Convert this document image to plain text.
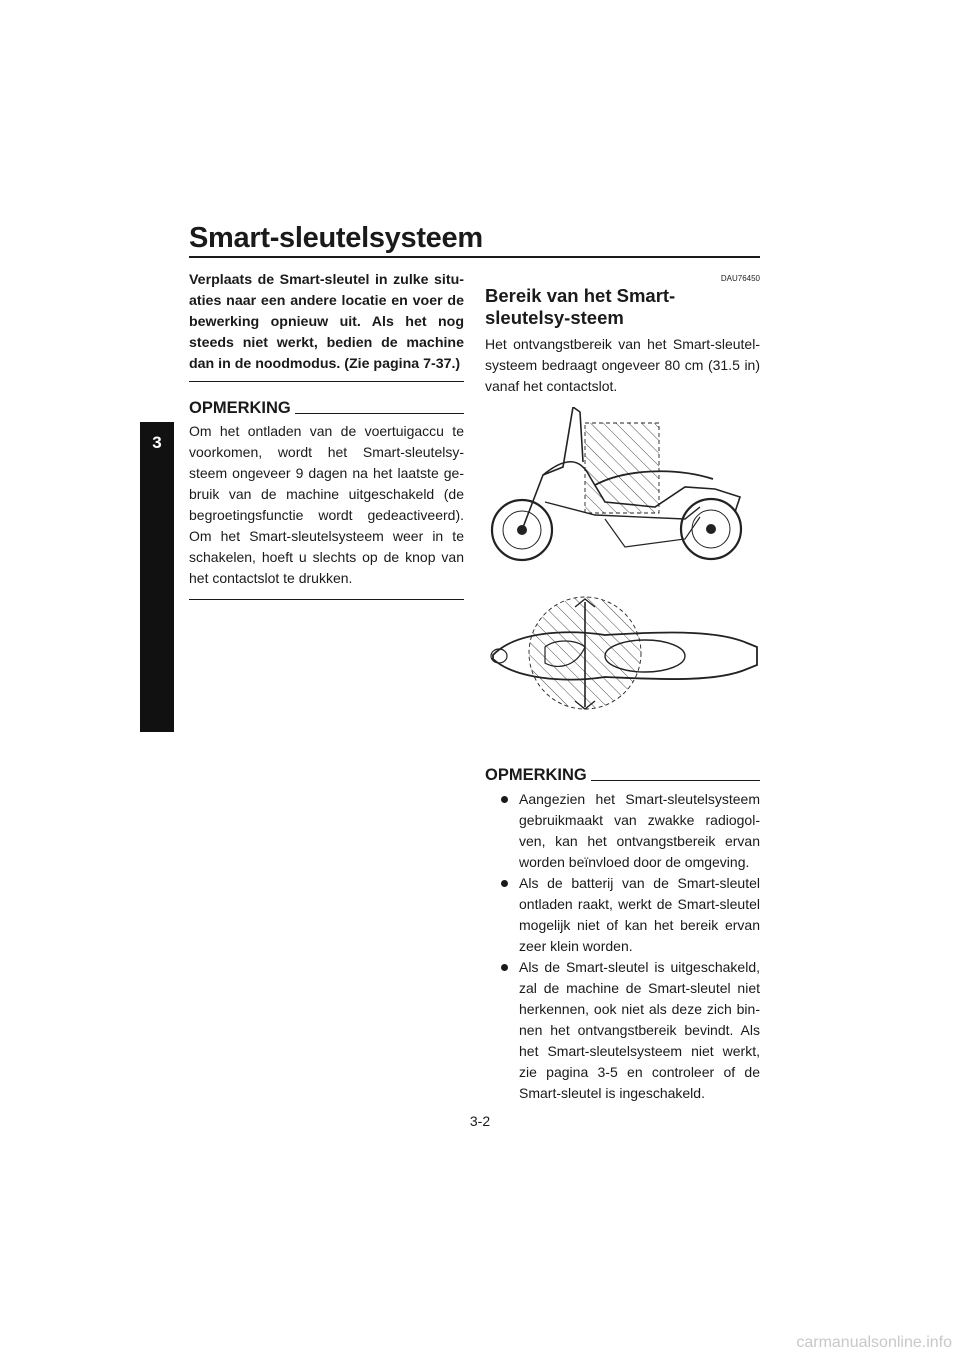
Smart-sleutelsysteem
3

Verplaats de Smart-sleutel in zulke situ-aties naar een andere locatie en voer de bewerking opnieuw uit. Als het nog steeds niet werkt, bedien de machine dan in de noodmodus. (Zie pagina 7-37.)

OPMERKING

Om het ontladen van de voertuigaccu te voorkomen, wordt het Smart-sleutelsy-steem ongeveer 9 dagen na het laatste ge-bruik van de machine uitgeschakeld (de begroetingsfunctie wordt gedeactiveerd). Om het Smart-sleutelsysteem weer in te schakelen, hoeft u slechts op de knop van het contactslot te drukken.

DAU76450

Bereik van het Smart-sleutelsy-steem

Het ontvangstbereik van het Smart-sleutel-systeem bedraagt ongeveer 80 cm (31.5 in) vanaf het contactslot.

OPMERKING
Aangezien het Smart-sleutelsysteem gebruikmaakt van zwakke radiogol-ven, kan het ontvangstbereik ervan worden beïnvloed door de omgeving.
Als de batterij van de Smart-sleutel ontladen raakt, werkt de Smart-sleutel mogelijk niet of kan het bereik ervan zeer klein worden.
Als de Smart-sleutel is uitgeschakeld, zal de machine de Smart-sleutel niet herkennen, ook niet als deze zich bin-nen het ontvangstbereik bevindt. Als het Smart-sleutelsysteem niet werkt, zie pagina 3-5 en controleer of de Smart-sleutel is ingeschakeld.

3-2

carmanualsonline.info
